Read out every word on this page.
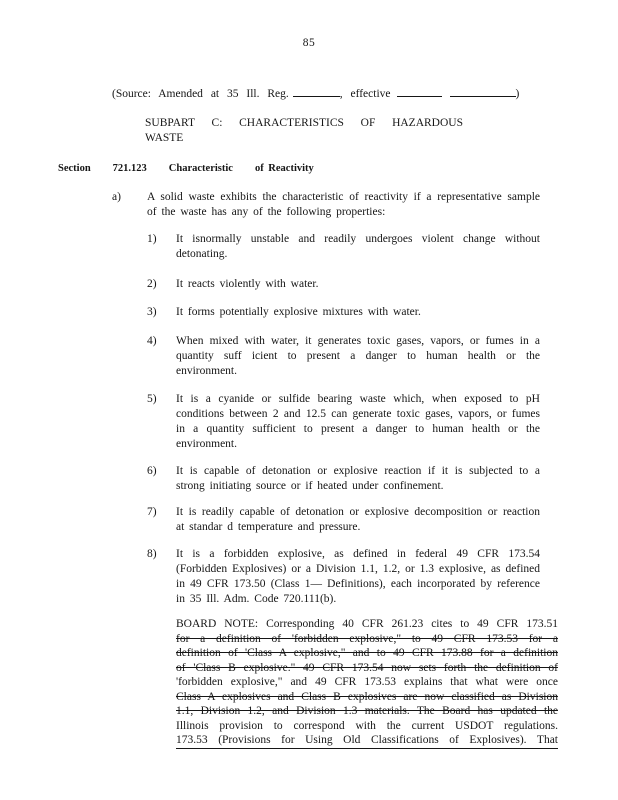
85
(Source: Amended at 35 Ill. Reg.	, effective	)
SUBPART C: CHARACTERISTICS OF HAZARDOUS WASTE
Section 721.123 Characteristic of Reactivity
a) A solid waste exhibits the characteristic of reactivity if a representative sample of the waste has any of the following properties:
1) It isnormally unstable and readily undergoes violent change without detonating.
2) It reacts violently with water.
3) It forms potentially explosive mixtures with water.
4) When mixed with water, it generates toxic gases, vapors, or fumes in a quantity suff icient to present a danger to human health or the environment.
5) It is a cyanide or sulfide bearing waste which, when exposed to pH conditions between 2 and 12.5 can generate toxic gases, vapors, or fumes in a quantity sufficient to present a danger to human health or the environment.
6) It is capable of detonation or explosive reaction if it is subjected to a strong initiating source or if heated under confinement.
7) It is readily capable of detonation or explosive decomposition or reaction at standar d temperature and pressure.
8) It is a forbidden explosive, as defined in federal 49 CFR 173.54 (Forbidden Explosives) or a Division 1.1, 1.2, or 1.3 explosive, as defined in 49 CFR 173.50 (Class 1— Definitions), each incorporated by reference in 35 Ill. Adm. Code 720.111(b).
BOARD NOTE: Corresponding 40 CFR 261.23 cites to 49 CFR 173.51
for a definition of 'forbidden explosive," to 49 CFR 173.53 for a
definition of 'Class A explosive," and to 49 CFR 173.88 for a definition
of 'Class B explosive." 49 CFR 173.54 now sets forth the definition of
'forbidden explosive," and 49 CFR 173.53 explains that what were once
Class A explosives and Class B explosives are now classified as Division
1.1, Division 1.2, and Division 1.3 materials. The Board has updated the
Illinois provision to correspond with the current USDOT regulations.
173.53 (Provisions for Using Old Classifications of Explosives). That
